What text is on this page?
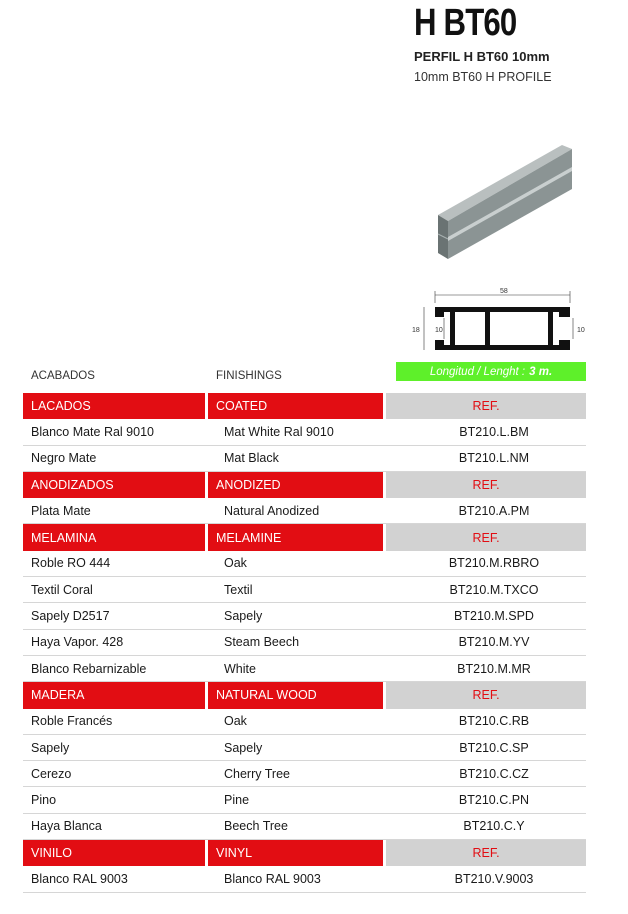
H BT60
PERFIL H BT60 10mm
10mm BT60 H PROFILE
58
18 10	10
Longitud / Lenght : 3 m.
ACABADOS	FINISHINGS
LACADOS	COATED	REF.
Blanco Mate Ral 9010	Mat White Ral 9010	BT210.L.BM
Negro Mate	Mat Black	BT210.L.NM
ANODIZADOS	ANODIZED	REF.
Plata Mate	Natural Anodized	BT210.A.PM
MELAMINA	MELAMINE	REF.
Roble RO 444	Oak	BT210.M.RBRO
Textil Coral	Textil	BT210.M.TXCO
Sapely D2517	Sapely	BT210.M.SPD
Haya Vapor. 428	Steam Beech	BT210.M.YV
Blanco Rebarnizable	White	BT210.M.MR
MADERA	NATURAL WOOD	REF.
Roble Francés	Oak	BT210.C.RB
Sapely	Sapely	BT210.C.SP
Cerezo	Cherry Tree	BT210.C.CZ
Pino	Pine	BT210.C.PN
Haya Blanca	Beech Tree	BT210.C.Y
VINILO	VINYL	REF.
Blanco RAL 9003	Blanco RAL 9003	BT210.V.9003
